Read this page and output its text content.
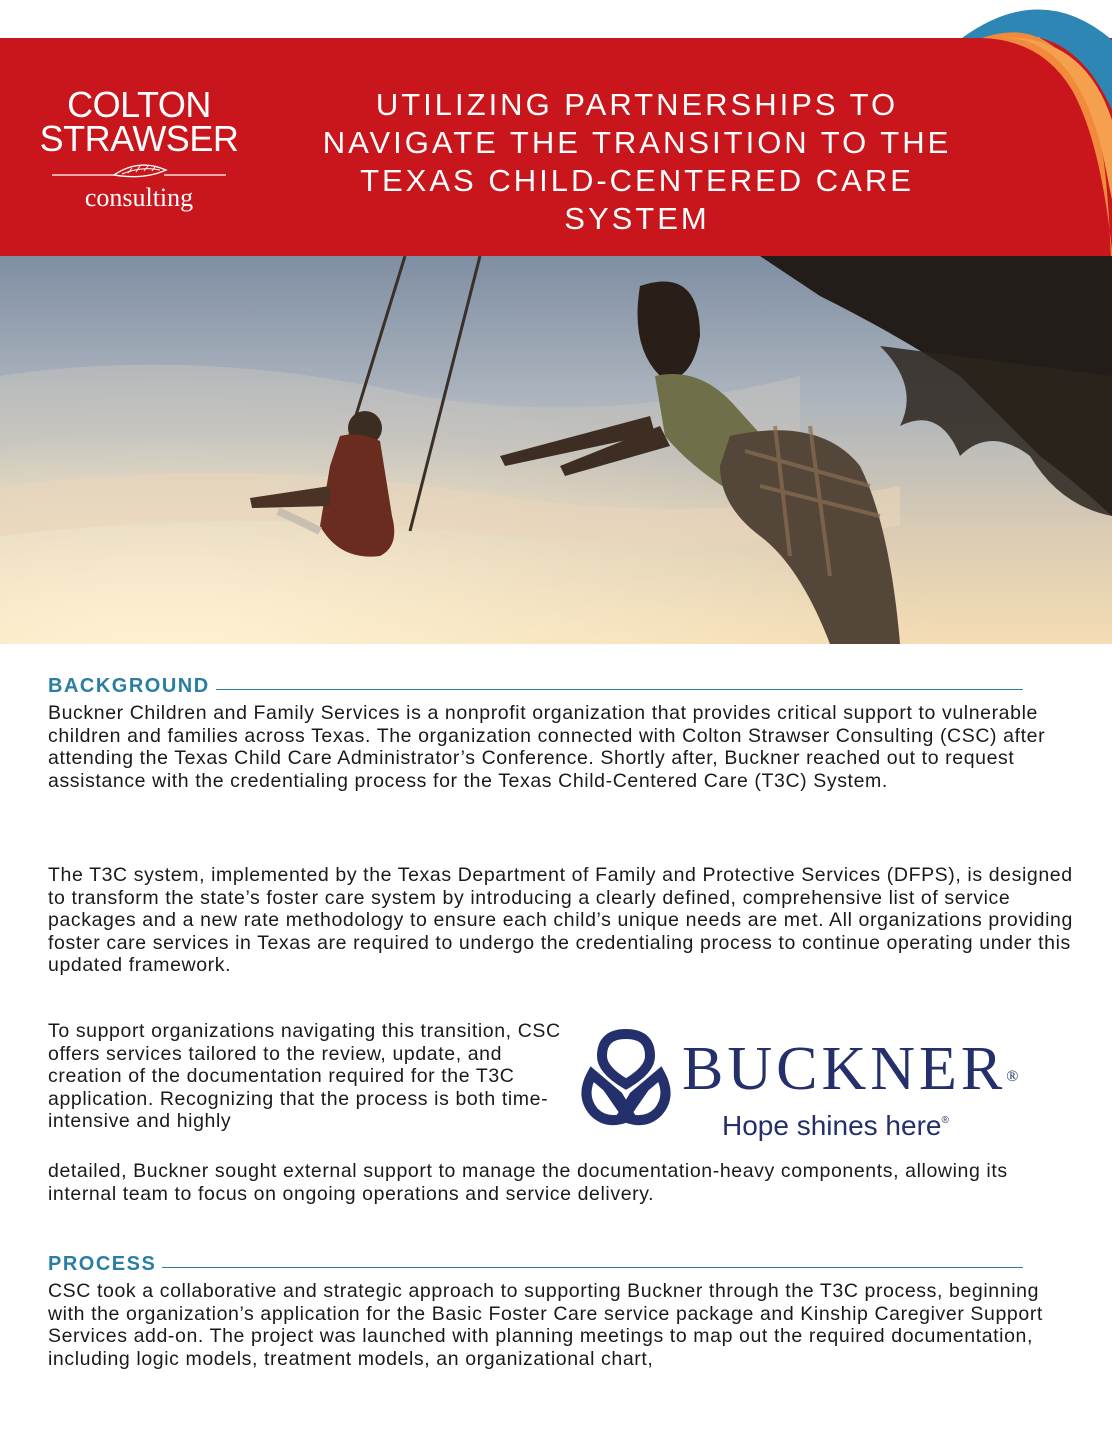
COLTON
STRAWSER
consulting
UTILIZING PARTNERSHIPS TO
NAVIGATE THE TRANSITION TO THE
TEXAS CHILD-CENTERED CARE
SYSTEM
BACKGROUND

Buckner Children and Family Services is a nonprofit organization that provides critical support to vulnerable children and families across Texas. The organization connected with Colton Strawser Consulting (CSC) after attending the Texas Child Care Administrator’s Conference. Shortly after, Buckner reached out to request assistance with the credentialing process for the Texas Child-Centered Care (T3C) System.

The T3C system, implemented by the Texas Department of Family and Protective Services (DFPS), is designed to transform the state’s foster care system by introducing a clearly defined, comprehensive list of service packages and a new rate methodology to ensure each child’s unique needs are met. All organizations providing foster care services in Texas are required to undergo the credentialing process to continue operating under this updated framework.

To support organizations navigating this transition, CSC offers services tailored to the review, update, and creation of the documentation required for the T3C application. Recognizing that the process is both time-intensive and highly

detailed, Buckner sought external support to manage the documentation-heavy components, allowing its internal team to focus on ongoing operations and service delivery.

BUCKNER®
Hope shines here®
PROCESS

CSC took a collaborative and strategic approach to supporting Buckner through the T3C process, beginning with the organization’s application for the Basic Foster Care service package and Kinship Caregiver Support Services add-on. The project was launched with planning meetings to map out the required documentation, including logic models, treatment models, an organizational chart,
